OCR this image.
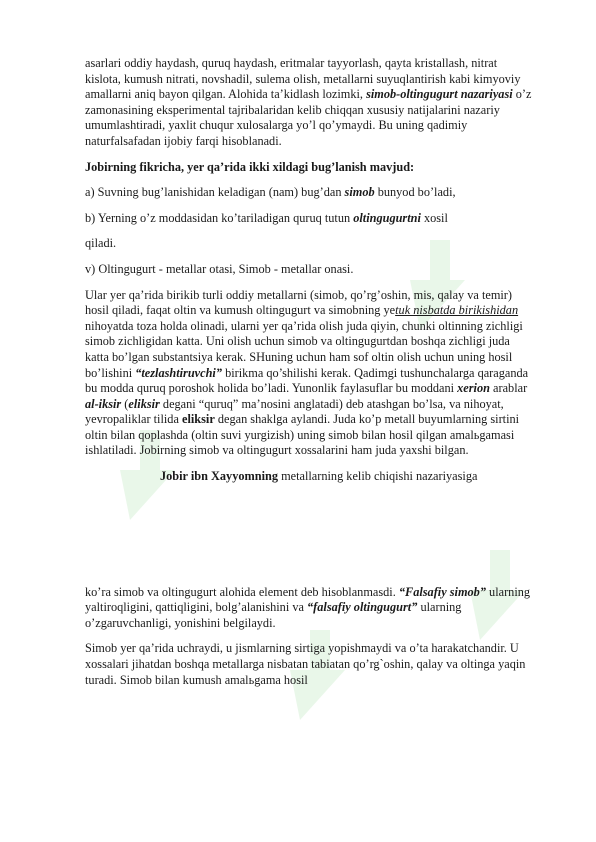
asarlari oddiy haydash, quruq haydash, eritmalar tayyorlash, qayta kristallash, nitrat kislota, kumush nitrati, novshadil, sulema olish, metallarni suyuqlantirish kabi kimyoviy amallarni aniq bayon qilgan. Alohida ta’kidlash lozimki, simob-oltingugurt nazariyasi o’z zamonasining eksperimental tajribalaridan kelib chiqqan xususiy natijalarini nazariy umumlashtiradi, yaxlit chuqur xulosalarga yo’l qo’ymaydi. Bu uning qadimiy naturfalsafadan ijobiy farqi hisoblanadi.

Jobirning fikricha, yer qa’rida ikki xildagi bug’lanish mavjud:

a) Suvning bug’lanishidan keladigan (nam) bug’dan simob bunyod bo’ladi,

b) Yerning o’z moddasidan ko’tariladigan quruq tutun oltingugurtni xosil

qiladi.

v) Oltingugurt - metallar otasi, Simob - metallar onasi.

Ular yer qa’rida birikib turli oddiy metallarni (simob, qo’rg’oshin, mis, qalay va temir) hosil qiladi, faqat oltin va kumush oltingugurt va simobning yetuk nisbatda birikishidan nihoyatda toza holda olinadi, ularni yer qa’rida olish juda qiyin, chunki oltinning zichligi simob zichligidan katta. Uni olish uchun simob va oltingugurtdan boshqa zichligi juda katta bo’lgan substantsiya kerak. SHuning uchun ham sof oltin olish uchun uning hosil bo’lishini “tezlashtiruvchi” birikma qo’shilishi kerak. Qadimgi tushunchalarga qaraganda bu modda quruq poroshok holida bo’ladi. Yunonlik faylasuflar bu moddani xerion arablar al-iksir (eliksir degani “quruq” ma’nosini anglatadi) deb atashgan bo’lsa, va nihoyat, yevropaliklar tilida eliksir degan shaklga aylandi. Juda ko’p metall buyumlarning sirtini oltin bilan qoplashda (oltin suvi yurgizish) uning simob bilan hosil qilgan amalьgamasi ishlatiladi. Jobirning simob va oltingugurt xossalarini ham juda yaxshi bilgan.

Jobir ibn Xayyomning metallarning kelib chiqishi nazariyasiga

ko’ra simob va oltingugurt alohida element deb hisoblanmasdi. “Falsafiy simob” ularning yaltiroqligini, qattiqligini, bolg’alanishini va “falsafiy oltingugurt” ularning o’zgaruvchanligi, yonishini belgilaydi.

Simob yer qa’rida uchraydi, u jismlarning sirtiga yopishmaydi va o’ta harakatchandir. U xossalari jihatdan boshqa metallarga nisbatan tabiatan qo’rg`oshin, qalay va oltinga yaqin turadi. Simob bilan kumush amalьgama hosil
